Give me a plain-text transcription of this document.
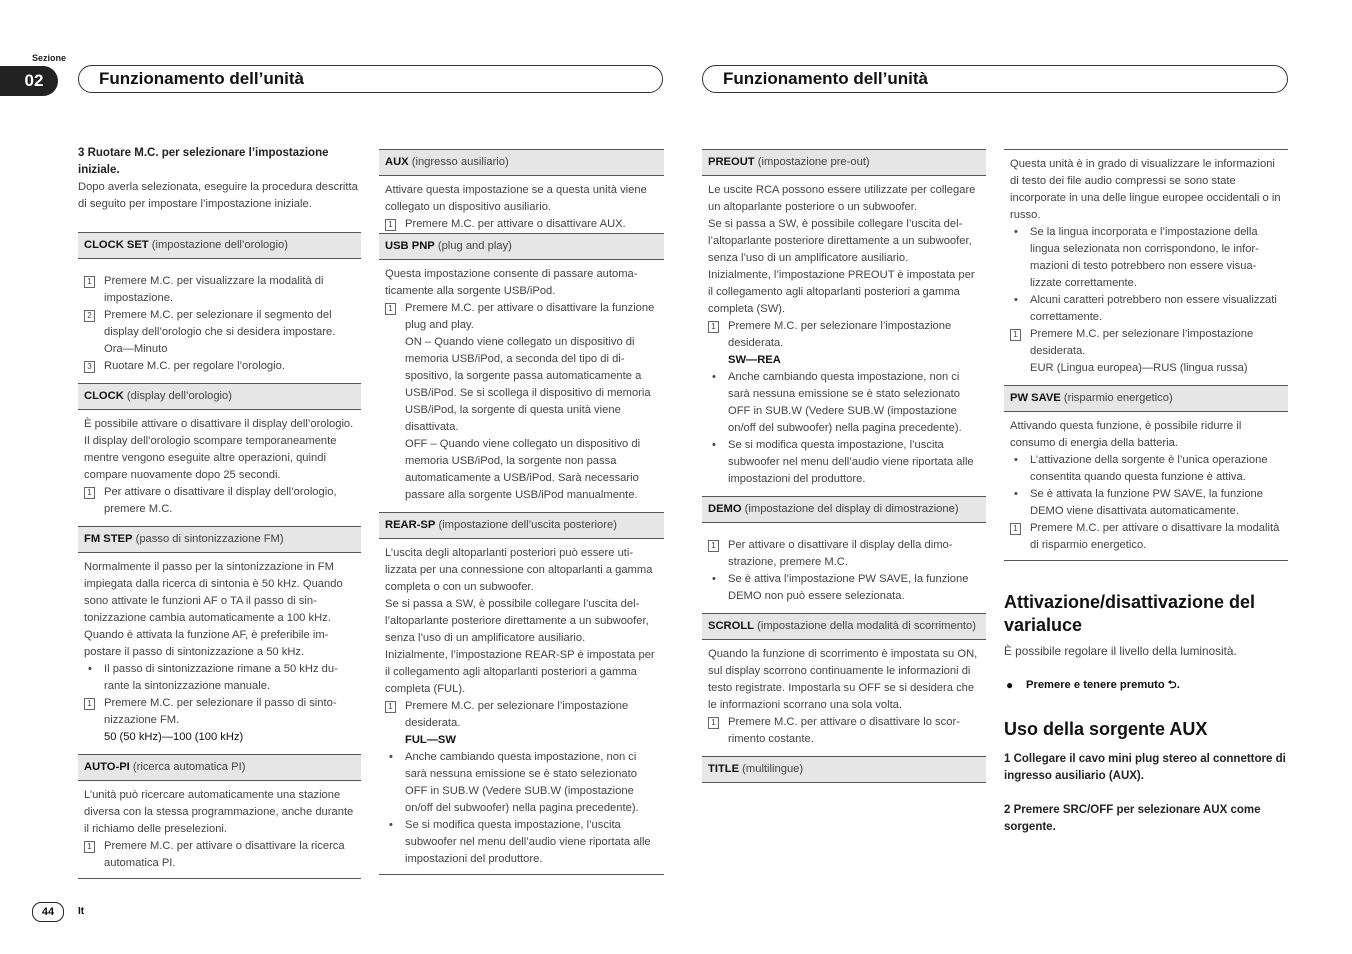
Sezione
02	Funzionamento dell’unità	Funzionamento dell’unità

3 Ruotare M.C. per selezionare l’impostazione iniziale.

Dopo averla selezionata, eseguire la procedura descritta di seguito per impostare l’impostazione iniziale.

CLOCK SET (impostazione dell’orologio)
1 Premere M.C. per visualizzare la modalità di impostazione.
2 Premere M.C. per selezionare il segmento del display dell’orologio che si desidera impostare.
Ora—Minuto
3 Ruotare M.C. per regolare l’orologio.
CLOCK (display dell’orologio)

È possibile attivare o disattivare il display dell’orologio.

Il display dell’orologio scompare temporaneamente mentre vengono eseguite altre operazioni, quindi compare nuovamente dopo 25 secondi.

1 Per attivare o disattivare il display dell’orologio, premere M.C.
FM STEP (passo di sintonizzazione FM)

Normalmente il passo per la sintonizzazione in FM impiegata dalla ricerca di sintonia è 50 kHz. Quando sono attivate le funzioni AF o TA il passo di sintonizzazione cambia automaticamente a 100 kHz. Quando è attivata la funzione AF, è preferibile impostare il passo di sintonizzazione a 50 kHz.

• Il passo di sintonizzazione rimane a 50 kHz durante la sintonizzazione manuale.
1 Premere M.C. per selezionare il passo di sintonizzazione FM.
50 (50 kHz)—100 (100 kHz)
AUTO-PI (ricerca automatica PI)

L’unità può ricercare automaticamente una stazione diversa con la stessa programmazione, anche durante il richiamo delle preselezioni.

1 Premere M.C. per attivare o disattivare la ricerca automatica PI.
AUX (ingresso ausiliario)

Attivare questa impostazione se a questa unità viene collegato un dispositivo ausiliario.

1 Premere M.C. per attivare o disattivare AUX.
USB PNP (plug and play)

Questa impostazione consente di passare automaticamente alla sorgente USB/iPod.

1 Premere M.C. per attivare o disattivare la funzione plug and play.
ON – Quando viene collegato un dispositivo di memoria USB/iPod, a seconda del tipo di dispositivo, la sorgente passa automaticamente a USB/iPod. Se si scollega il dispositivo di memoria USB/iPod, la sorgente di questa unità viene disattivata.
OFF – Quando viene collegato un dispositivo di memoria USB/iPod, la sorgente non passa automaticamente a USB/iPod. Sarà necessario passare alla sorgente USB/iPod manualmente.
REAR-SP (impostazione dell’uscita posteriore)

L’uscita degli altoparlanti posteriori può essere utilizzata per una connessione con altoparlanti a gamma completa o con un subwoofer.

Se si passa a SW, è possibile collegare l’uscita dell’altoparlante posteriore direttamente a un subwoofer, senza l’uso di un amplificatore ausiliario.

Inizialmente, l’impostazione REAR-SP è impostata per il collegamento agli altoparlanti posteriori a gamma completa (FUL).

1 Premere M.C. per selezionare l’impostazione desiderata.
FUL—SW
• Anche cambiando questa impostazione, non ci sarà nessuna emissione se è stato selezionato OFF in SUB.W (Vedere SUB.W (impostazione on/off del subwoofer) nella pagina precedente).
• Se si modifica questa impostazione, l’uscita subwoofer nel menu dell’audio viene riportata alle impostazioni del produttore.
PREOUT (impostazione pre-out)

Le uscite RCA possono essere utilizzate per collegare un altoparlante posteriore o un subwoofer.

Se si passa a SW, è possibile collegare l’uscita dell’altoparlante posteriore direttamente a un subwoofer, senza l’uso di un amplificatore ausiliario.

Inizialmente, l’impostazione PREOUT è impostata per il collegamento agli altoparlanti posteriori a gamma completa (SW).

1 Premere M.C. per selezionare l’impostazione desiderata.
SW—REA
• Anche cambiando questa impostazione, non ci sarà nessuna emissione se è stato selezionato OFF in SUB.W (Vedere SUB.W (impostazione on/off del subwoofer) nella pagina precedente).
• Se si modifica questa impostazione, l’uscita subwoofer nel menu dell’audio viene riportata alle impostazioni del produttore.
DEMO (impostazione del display di dimostrazione)
1 Per attivare o disattivare il display della dimostrazione, premere M.C.
• Se è attiva l’impostazione PW SAVE, la funzione DEMO non può essere selezionata.
SCROLL (impostazione della modalità di scorrimento)

Quando la funzione di scorrimento è impostata su ON, sul display scorrono continuamente le informazioni di testo registrate. Impostarla su OFF se si desidera che le informazioni scorrano una sola volta.

1 Premere M.C. per attivare o disattivare lo scorrimento costante.
TITLE (multilingue)

Questa unità è in grado di visualizzare le informazioni di testo dei file audio compressi se sono state incorporate in una delle lingue europee occidentali o in russo.

• Se la lingua incorporata e l’impostazione della lingua selezionata non corrispondono, le informazioni di testo potrebbero non essere visualizzate correttamente.
• Alcuni caratteri potrebbero non essere visualizzati correttamente.
1 Premere M.C. per selezionare l’impostazione desiderata.
EUR (Lingua europea)—RUS (lingua russa)
PW SAVE (risparmio energetico)

Attivando questa funzione, è possibile ridurre il consumo di energia della batteria.

• L’attivazione della sorgente è l’unica operazione consentita quando questa funzione è attiva.
• Se è attivata la funzione PW SAVE, la funzione DEMO viene disattivata automaticamente.
1 Premere M.C. per attivare o disattivare la modalità di risparmio energetico.
Attivazione/disattivazione del varialuce

È possibile regolare il livello della luminosità.

● Premere e tenere premuto ⮌.

Uso della sorgente AUX

1 Collegare il cavo mini plug stereo al connettore di ingresso ausiliario (AUX).

2 Premere SRC/OFF per selezionare AUX come sorgente.

44	It
